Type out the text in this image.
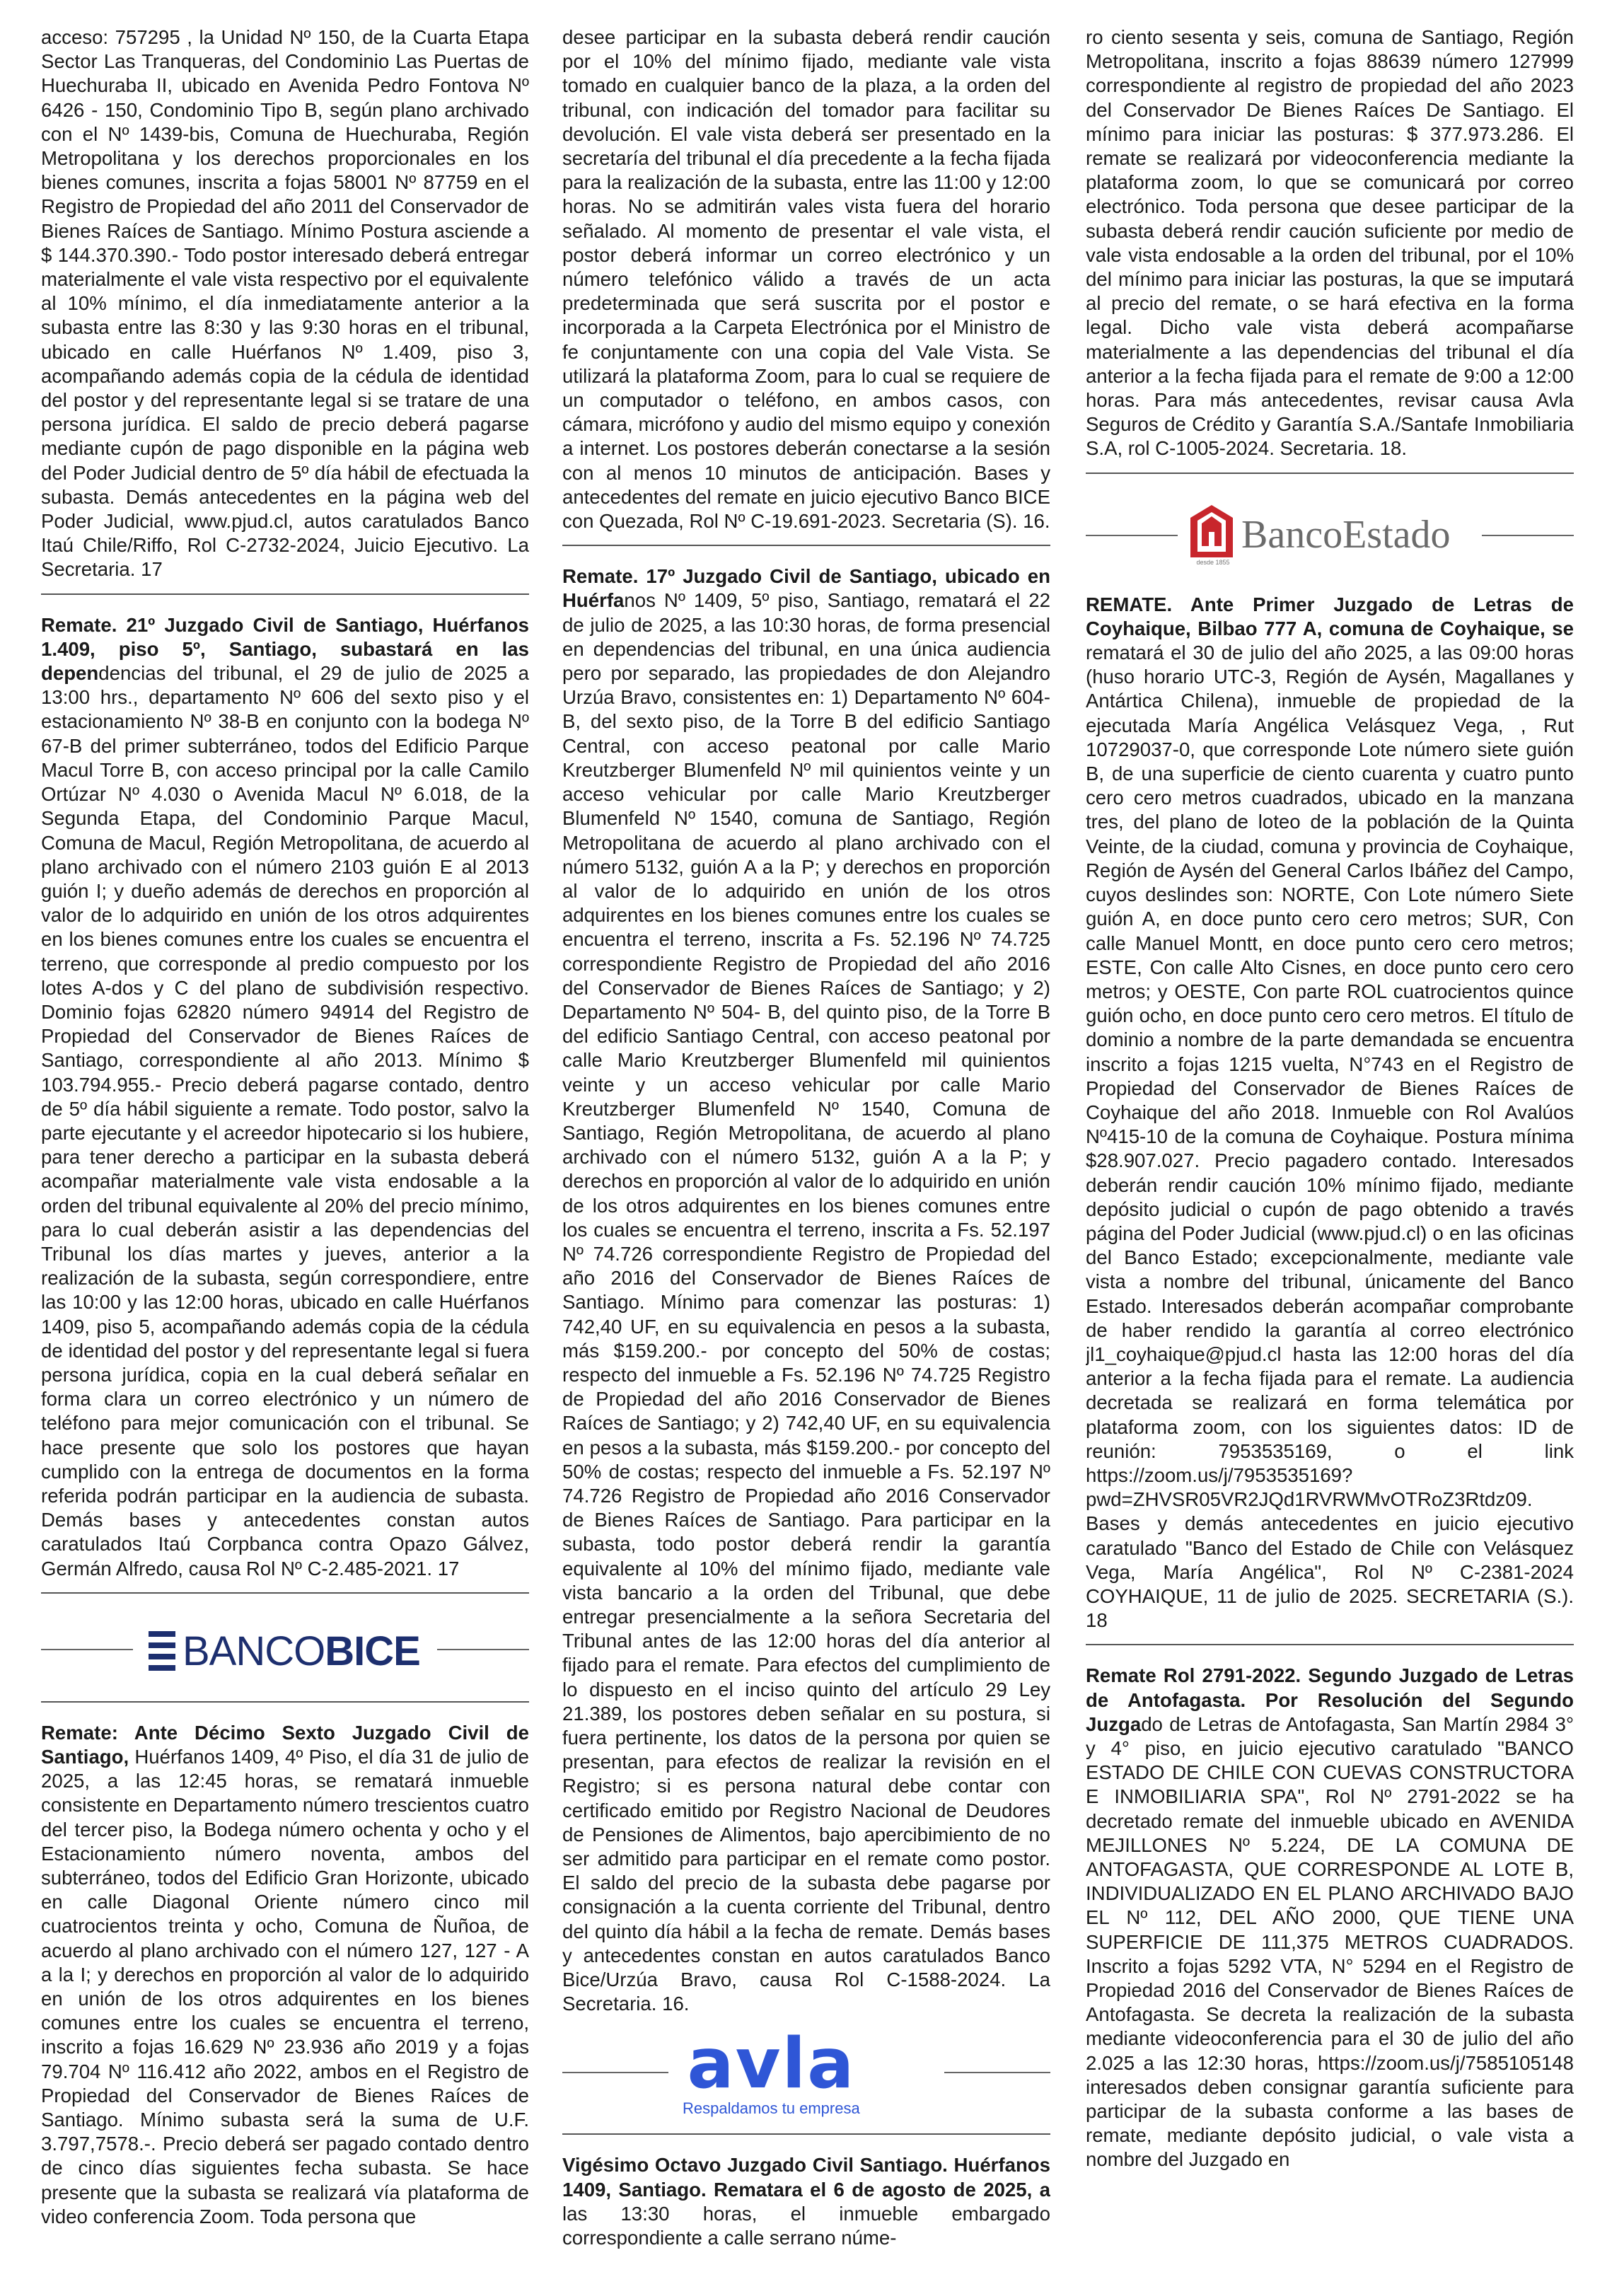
acceso: 757295 , la Unidad Nº 150, de la Cuarta Etapa Sector Las Tranqueras, del Condominio Las Puertas de Huechuraba II, ubicado en Avenida Pedro Fontova Nº 6426 - 150, Condominio Tipo B, según plano archivado con el Nº 1439-bis, Comuna de Huechuraba, Región Metropolitana y los derechos proporcionales en los bienes comunes, inscrita a fojas 58001 Nº 87759 en el Registro de Propiedad del año 2011 del Conservador de Bienes Raíces de Santiago. Mínimo Postura asciende a $ 144.370.390.- Todo postor interesado deberá entregar materialmente el vale vista respectivo por el equivalente al 10% mínimo, el día inmediatamente anterior a la subasta entre las 8:30 y las 9:30 horas en el tribunal, ubicado en calle Huérfanos Nº 1.409, piso 3, acompañando además copia de la cédula de identidad del postor y del representante legal si se tratare de una persona jurídica. El saldo de precio deberá pagarse mediante cupón de pago disponible en la página web del Poder Judicial dentro de 5º día hábil de efectuada la subasta. Demás antecedentes en la página web del Poder Judicial, www.pjud.cl, autos caratulados Banco Itaú Chile/Riffo, Rol C-2732-2024, Juicio Ejecutivo. La Secretaria. 17

Remate. 21º Juzgado Civil de Santiago, Huérfanos 1.409, piso 5º, Santiago, subastará en las dependencias del tribunal, el 29 de julio de 2025 a 13:00 hrs., departamento Nº 606 del sexto piso y el estacionamiento Nº 38-B en conjunto con la bodega Nº 67-B del primer subterráneo, todos del Edificio Parque Macul Torre B, con acceso principal por la calle Camilo Ortúzar Nº 4.030 o Avenida Macul Nº 6.018, de la Segunda Etapa, del Condominio Parque Macul, Comuna de Macul, Región Metropolitana, de acuerdo al plano archivado con el número 2103 guión E al 2013 guión I; y dueño además de derechos en proporción al valor de lo adquirido en unión de los otros adquirentes en los bienes comunes entre los cuales se encuentra el terreno, que corresponde al predio compuesto por los lotes A-dos y C del plano de subdivisión respectivo. Dominio fojas 62820 número 94914 del Registro de Propiedad del Conservador de Bienes Raíces de Santiago, correspondiente al año 2013. Mínimo $ 103.794.955.- Precio deberá pagarse contado, dentro de 5º día hábil siguiente a remate. Todo postor, salvo la parte ejecutante y el acreedor hipotecario si los hubiere, para tener derecho a participar en la subasta deberá acompañar materialmente vale vista endosable a la orden del tribunal equivalente al 20% del precio mínimo, para lo cual deberán asistir a las dependencias del Tribunal los días martes y jueves, anterior a la realización de la subasta, según correspondiere, entre las 10:00 y las 12:00 horas, ubicado en calle Huérfanos 1409, piso 5, acompañando además copia de la cédula de identidad del postor y del representante legal si fuera persona jurídica, copia en la cual deberá señalar en forma clara un correo electrónico y un número de teléfono para mejor comunicación con el tribunal. Se hace presente que solo los postores que hayan cumplido con la entrega de documentos en la forma referida podrán participar en la audiencia de subasta. Demás bases y antecedentes constan autos caratulados Itaú Corpbanca contra Opazo Gálvez, Germán Alfredo, causa Rol Nº C-2.485-2021. 17

BANCOBICE

Remate: Ante Décimo Sexto Juzgado Civil de Santiago, Huérfanos 1409, 4º Piso, el día 31 de julio de 2025, a las 12:45 horas, se rematará inmueble consistente en Departamento número trescientos cuatro del tercer piso, la Bodega número ochenta y ocho y el Estacionamiento número noventa, ambos del subterráneo, todos del Edificio Gran Horizonte, ubicado en calle Diagonal Oriente número cinco mil cuatrocientos treinta y ocho, Comuna de Ñuñoa, de acuerdo al plano archivado con el número 127, 127 - A a la I; y derechos en proporción al valor de lo adquirido en unión de los otros adquirentes en los bienes comunes entre los cuales se encuentra el terreno, inscrito a fojas 16.629 Nº 23.936 año 2019 y a fojas 79.704 Nº 116.412 año 2022, ambos en el Registro de Propiedad del Conservador de Bienes Raíces de Santiago. Mínimo subasta será la suma de U.F. 3.797,7578.-. Precio deberá ser pagado contado dentro de cinco días siguientes fecha subasta. Se hace presente que la subasta se realizará vía plataforma de video conferencia Zoom. Toda persona que

desee participar en la subasta deberá rendir caución por el 10% del mínimo fijado, mediante vale vista tomado en cualquier banco de la plaza, a la orden del tribunal, con indicación del tomador para facilitar su devolución. El vale vista deberá ser presentado en la secretaría del tribunal el día precedente a la fecha fijada para la realización de la subasta, entre las 11:00 y 12:00 horas. No se admitirán vales vista fuera del horario señalado. Al momento de presentar el vale vista, el postor deberá informar un correo electrónico y un número telefónico válido a través de un acta predeterminada que será suscrita por el postor e incorporada a la Carpeta Electrónica por el Ministro de fe conjuntamente con una copia del Vale Vista. Se utilizará la plataforma Zoom, para lo cual se requiere de un computador o teléfono, en ambos casos, con cámara, micrófono y audio del mismo equipo y conexión a internet. Los postores deberán conectarse a la sesión con al menos 10 minutos de anticipación. Bases y antecedentes del remate en juicio ejecutivo Banco BICE con Quezada, Rol Nº C-19.691-2023. Secretaria (S). 16.

Remate. 17º Juzgado Civil de Santiago, ubicado en Huérfanos Nº 1409, 5º piso, Santiago, rematará el 22 de julio de 2025, a las 10:30 horas, de forma presencial en dependencias del tribunal, en una única audiencia pero por separado, las propiedades de don Alejandro Urzúa Bravo, consistentes en: 1) Departamento Nº 604- B, del sexto piso, de la Torre B del edificio Santiago Central, con acceso peatonal por calle Mario Kreutzberger Blumenfeld Nº mil quinientos veinte y un acceso vehicular por calle Mario Kreutzberger Blumenfeld Nº 1540, comuna de Santiago, Región Metropolitana de acuerdo al plano archivado con el número 5132, guión A a la P; y derechos en proporción al valor de lo adquirido en unión de los otros adquirentes en los bienes comunes entre los cuales se encuentra el terreno, inscrita a Fs. 52.196 Nº 74.725 correspondiente Registro de Propiedad del año 2016 del Conservador de Bienes Raíces de Santiago; y 2) Departamento Nº 504- B, del quinto piso, de la Torre B del edificio Santiago Central, con acceso peatonal por calle Mario Kreutzberger Blumenfeld mil quinientos veinte y un acceso vehicular por calle Mario Kreutzberger Blumenfeld Nº 1540, Comuna de Santiago, Región Metropolitana, de acuerdo al plano archivado con el número 5132, guión A a la P; y derechos en proporción al valor de lo adquirido en unión de los otros adquirentes en los bienes comunes entre los cuales se encuentra el terreno, inscrita a Fs. 52.197 Nº 74.726 correspondiente Registro de Propiedad del año 2016 del Conservador de Bienes Raíces de Santiago. Mínimo para comenzar las posturas: 1) 742,40 UF, en su equivalencia en pesos a la subasta, más $159.200.- por concepto del 50% de costas; respecto del inmueble a Fs. 52.196 Nº 74.725 Registro de Propiedad del año 2016 Conservador de Bienes Raíces de Santiago; y 2) 742,40 UF, en su equivalencia en pesos a la subasta, más $159.200.- por concepto del 50% de costas; respecto del inmueble a Fs. 52.197 Nº 74.726 Registro de Propiedad año 2016 Conservador de Bienes Raíces de Santiago. Para participar en la subasta, todo postor deberá rendir la garantía equivalente al 10% del mínimo fijado, mediante vale vista bancario a la orden del Tribunal, que debe entregar presencialmente a la señora Secretaria del Tribunal antes de las 12:00 horas del día anterior al fijado para el remate. Para efectos del cumplimiento de lo dispuesto en el inciso quinto del artículo 29 Ley 21.389, los postores deben señalar en su postura, si fuera pertinente, los datos de la persona por quien se presentan, para efectos de realizar la revisión en el Registro; si es persona natural debe contar con certificado emitido por Registro Nacional de Deudores de Pensiones de Alimentos, bajo apercibimiento de no ser admitido para participar en el remate como postor. El saldo del precio de la subasta debe pagarse por consignación a la cuenta corriente del Tribunal, dentro del quinto día hábil a la fecha de remate. Demás bases y antecedentes constan en autos caratulados Banco Bice/Urzúa Bravo, causa Rol C-1588-2024. La Secretaria. 16.

avla
Respaldamos tu empresa

Vigésimo Octavo Juzgado Civil Santiago. Huérfanos 1409, Santiago. Rematara el 6 de agosto de 2025, a las 13:30 horas, el inmueble embargado correspondiente a calle serrano núme-

ro ciento sesenta y seis, comuna de Santiago, Región Metropolitana, inscrito a fojas 88639 número 127999 correspondiente al registro de propiedad del año 2023 del Conservador De Bienes Raíces De Santiago. El mínimo para iniciar las posturas: $ 377.973.286. El remate se realizará por videoconferencia mediante la plataforma zoom, lo que se comunicará por correo electrónico. Toda persona que desee participar de la subasta deberá rendir caución suficiente por medio de vale vista endosable a la orden del tribunal, por el 10% del mínimo para iniciar las posturas, la que se imputará al precio del remate, o se hará efectiva en la forma legal. Dicho vale vista deberá acompañarse materialmente a las dependencias del tribunal el día anterior a la fecha fijada para el remate de 9:00 a 12:00 horas. Para más antecedentes, revisar causa Avla Seguros de Crédito y Garantía S.A./Santafe Inmobiliaria S.A, rol C-1005-2024. Secretaria. 18.

desde 1855
BancoEstado

REMATE. Ante Primer Juzgado de Letras de Coyhaique, Bilbao 777 A, comuna de Coyhaique, se rematará el 30 de julio del año 2025, a las 09:00 horas (huso horario UTC-3, Región de Aysén, Magallanes y Antártica Chilena), inmueble de propiedad de la ejecutada María Angélica Velásquez Vega, , Rut 10729037-0, que corresponde Lote número siete guión B, de una superficie de ciento cuarenta y cuatro punto cero cero metros cuadrados, ubicado en la manzana tres, del plano de loteo de la población de la Quinta Veinte, de la ciudad, comuna y provincia de Coyhaique, Región de Aysén del General Carlos Ibáñez del Campo, cuyos deslindes son: NORTE, Con Lote número Siete guión A, en doce punto cero cero metros; SUR, Con calle Manuel Montt, en doce punto cero cero metros; ESTE, Con calle Alto Cisnes, en doce punto cero cero metros; y OESTE, Con parte ROL cuatrocientos quince guión ocho, en doce punto cero cero metros. El título de dominio a nombre de la parte demandada se encuentra inscrito a fojas 1215 vuelta, N°743 en el Registro de Propiedad del Conservador de Bienes Raíces de Coyhaique del año 2018. Inmueble con Rol Avalúos Nº415-10 de la comuna de Coyhaique. Postura mínima $28.907.027. Precio pagadero contado. Interesados deberán rendir caución 10% mínimo fijado, mediante depósito judicial o cupón de pago obtenido a través página del Poder Judicial (www.pjud.cl) o en las oficinas del Banco Estado; excepcionalmente, mediante vale vista a nombre del tribunal, únicamente del Banco Estado. Interesados deberán acompañar comprobante de haber rendido la garantía al correo electrónico jl1_coyhaique@pjud.cl hasta las 12:00 horas del día anterior a la fecha fijada para el remate. La audiencia decretada se realizará en forma telemática por plataforma zoom, con los siguientes datos: ID de reunión: 7953535169, o el link https://zoom.us/j/7953535169?pwd=ZHVSR05VR2JQd1RVRWMvOTRoZ3Rtdz09. Bases y demás antecedentes en juicio ejecutivo caratulado "Banco del Estado de Chile con Velásquez Vega, María Angélica", Rol Nº C-2381-2024 COYHAIQUE, 11 de julio de 2025. SECRETARIA (S.). 18

Remate Rol 2791-2022. Segundo Juzgado de Letras de Antofagasta. Por Resolución del Segundo Juzgado de Letras de Antofagasta, San Martín 2984 3° y 4° piso, en juicio ejecutivo caratulado "BANCO ESTADO DE CHILE CON CUEVAS CONSTRUCTORA E INMOBILIARIA SPA", Rol Nº 2791-2022 se ha decretado remate del inmueble ubicado en AVENIDA MEJILLONES Nº 5.224, DE LA COMUNA DE ANTOFAGASTA, QUE CORRESPONDE AL LOTE B, INDIVIDUALIZADO EN EL PLANO ARCHIVADO BAJO EL Nº 112, DEL AÑO 2000, QUE TIENE UNA SUPERFICIE DE 111,375 METROS CUADRADOS. Inscrito a fojas 5292 VTA, N° 5294 en el Registro de Propiedad 2016 del Conservador de Bienes Raíces de Antofagasta. Se decreta la realización de la subasta mediante videoconferencia para el 30 de julio del año 2.025 a las 12:30 horas, https://zoom.us/j/7585105148 interesados deben consignar garantía suficiente para participar de la subasta conforme a las bases de remate, mediante depósito judicial, o vale vista a nombre del Juzgado en
